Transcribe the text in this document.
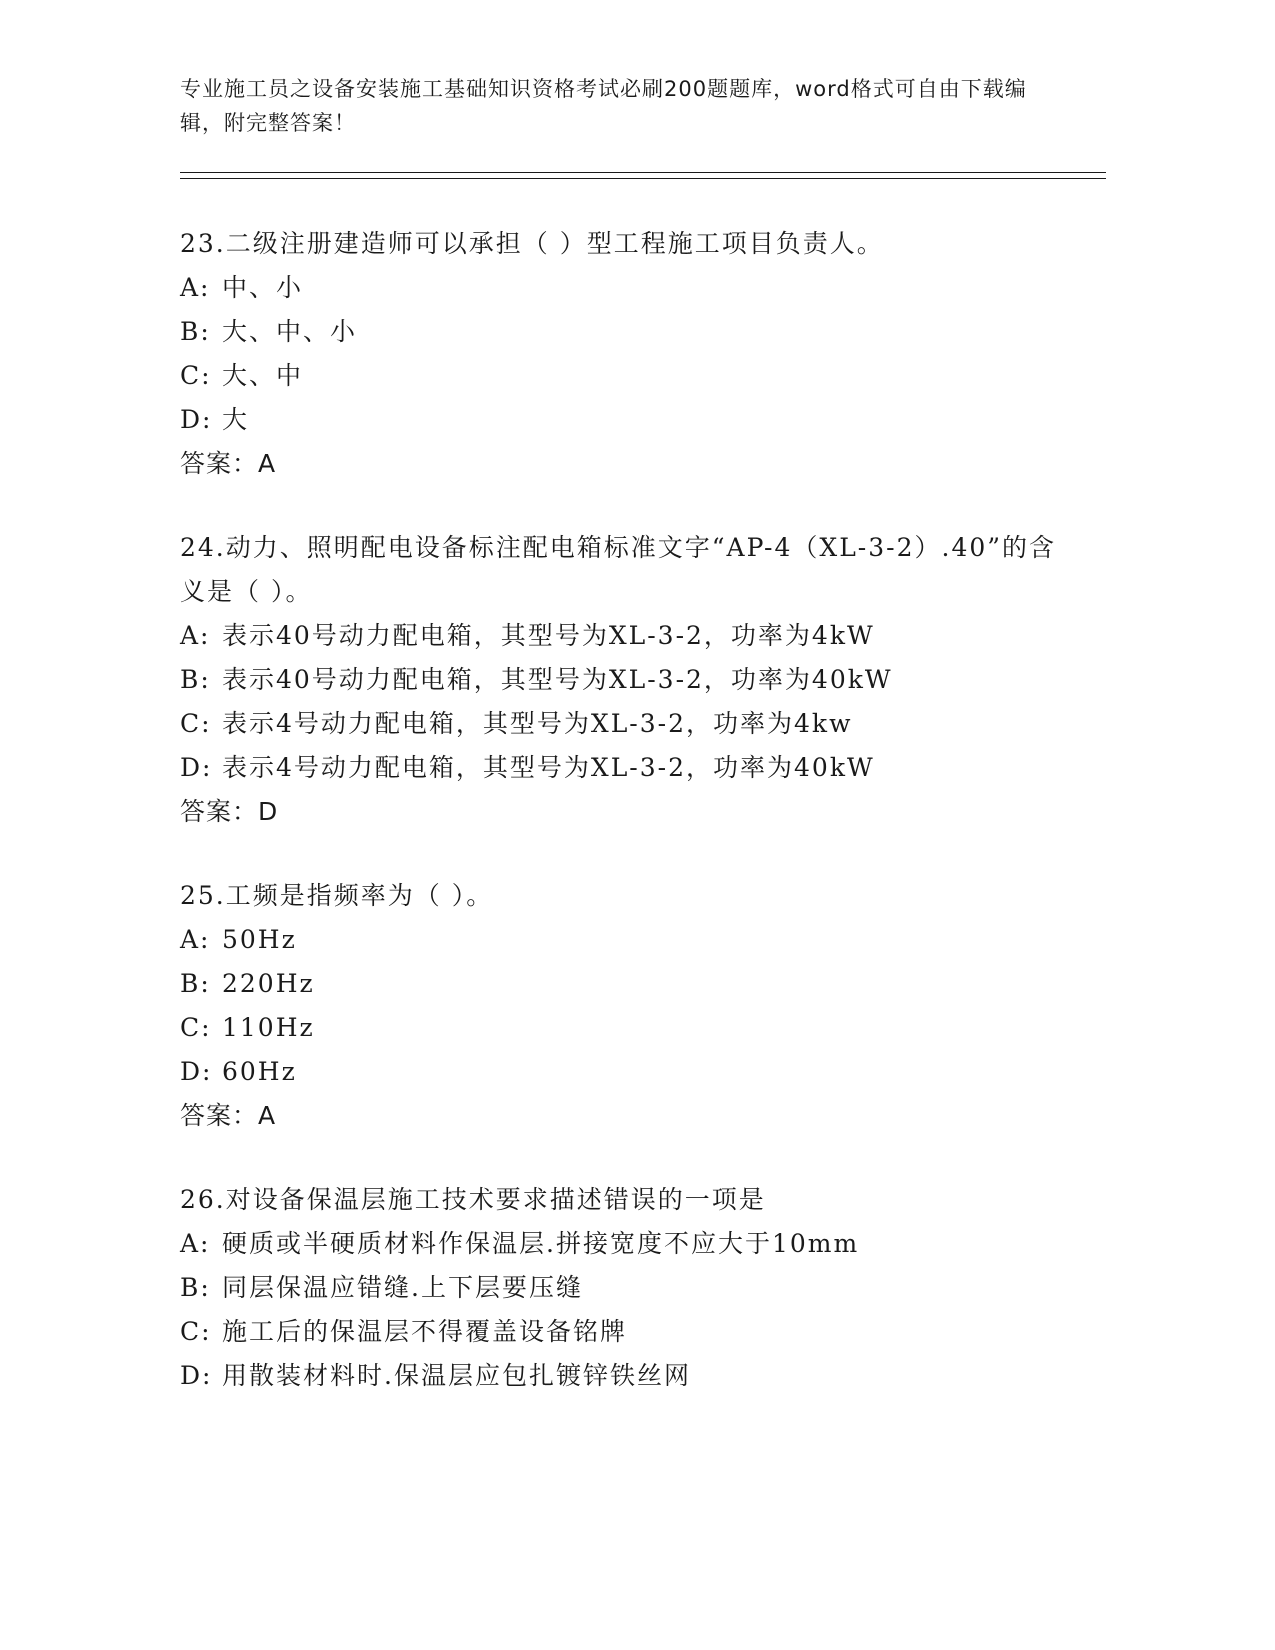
专业施工员之设备安装施工基础知识资格考试必刷200题题库，word格式可自由下载编辑，附完整答案！
23.二级注册建造师可以承担（ ）型工程施工项目负责人。
A: 中、小
B: 大、中、小
C: 大、中
D: 大
答案：A
24.动力、照明配电设备标注配电箱标准文字“AP-4（XL-3-2）.40”的含义是（ ）。
A: 表示40号动力配电箱，其型号为XL-3-2，功率为4kW
B: 表示40号动力配电箱，其型号为XL-3-2，功率为40kW
C: 表示4号动力配电箱，其型号为XL-3-2，功率为4kw
D: 表示4号动力配电箱，其型号为XL-3-2，功率为40kW
答案：D
25.工频是指频率为（ ）。
A: 50Hz
B: 220Hz
C: 110Hz
D: 60Hz
答案：A
26.对设备保温层施工技术要求描述错误的一项是
A: 硬质或半硬质材料作保温层.拼接宽度不应大于10mm
B: 同层保温应错缝.上下层要压缝
C: 施工后的保温层不得覆盖设备铭牌
D: 用散装材料时.保温层应包扎镀锌铁丝网
